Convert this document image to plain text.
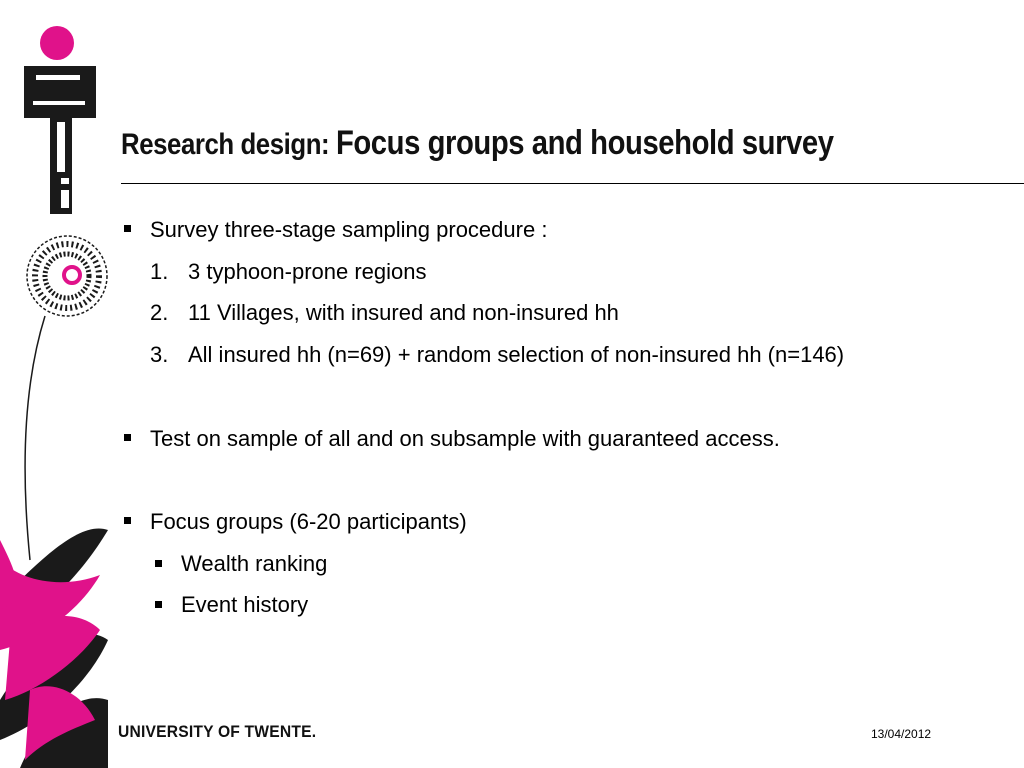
Research design: Focus groups and household survey
Survey three-stage sampling procedure :
1. 3 typhoon-prone regions
2. 11 Villages, with insured and non-insured hh
3. All insured hh (n=69) + random selection of non-insured hh (n=146)
Test on sample of all and on subsample with guaranteed access.
Focus groups (6-20 participants)
Wealth ranking
Event history
UNIVERSITY OF TWENTE.	13/04/2012
